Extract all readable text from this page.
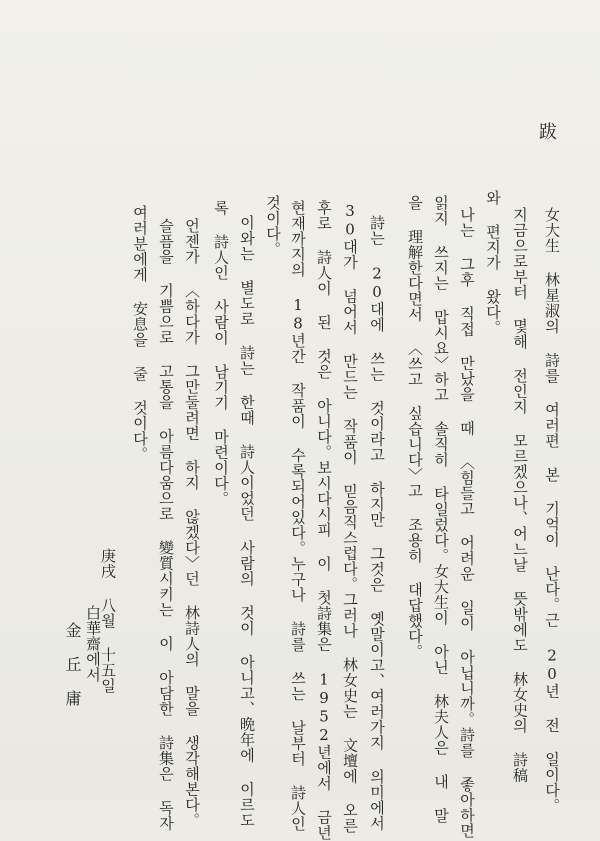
跋
女大生 林星淑의 詩를 여러편 본 기억이 난다。근 20년 전 일이다。
지금으로부터 몇해 전인지 모르겠으나、어느날 뜻밖에도 林女史의 詩稿
와 편지가 왔다。
나는 그후 직접 만났을 때 〈힘들고 어려운 일이 아닙니까。詩를 좋아하면
읽지 쓰지는 맙시요〉하고 솔직히 타일렀다。女大生이 아닌 林夫人은 내 말
을 理解한다면서 〈쓰고 싶습니다〉고 조용히 대답했다。
詩는 20대에 쓰는 것이라고 하지만 그것은 옛말이고、여러가지 의미에서
30대가 넘어서 만드는 작품이 믿음직스럽다。그러나 林女史는 文壇에 오른
후로 詩人이 된 것은 아니다。보시다시피 이 첫詩集은 1952년에서 금년
현재까지의 18년간 작품이 수록되어있다。누구나 詩를 쓰는 날부터 詩人인
것이다。
이와는 별도로 詩는 한때 詩人이었던 사람의 것이 아니고、晩年에 이르도
록 詩人인 사람이 남기기 마련이다。
언젠가 〈하다가 그만둘려면 하지 않겠다〉던 林詩人의 말을 생각해본다。
슬픔을 기쁨으로 고통을 아름다움으로 變質시키는 이 아담한 詩集은 독자
여러분에게 安息을 줄 것이다。
庚戌 八월 十五일
白華齋에서
金丘庸
